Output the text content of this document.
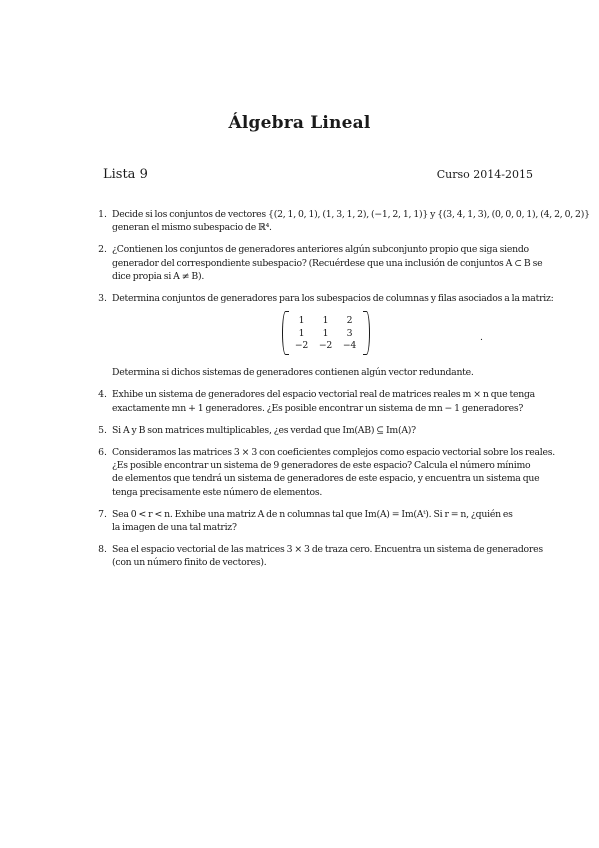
Álgebra Lineal
Lista 9	Curso 2014-2015
1. Decide si los conjuntos de vectores {(2, 1, 0, 1), (1, 3, 1, 2), (−1, 2, 1, 1)} y {(3, 4, 1, 3), (0, 0, 0, 1), (4, 2, 0, 2)}
generan el mismo subespacio de ℝ⁴.
2. ¿Contienen los conjuntos de generadores anteriores algún subconjunto propio que siga siendo
generador del correspondiente subespacio? (Recuérdese que una inclusión de conjuntos A ⊂ B se
dice propia si A ≠ B).
3. Determina conjuntos de generadores para los subespacios de columnas y filas asociados a la matriz:
1 1 2
1 1 3
−2 −2 −4
.
Determina si dichos sistemas de generadores contienen algún vector redundante.
4. Exhibe un sistema de generadores del espacio vectorial real de matrices reales m × n que tenga
exactamente mn + 1 generadores. ¿Es posible encontrar un sistema de mn − 1 generadores?
5. Si A y B son matrices multiplicables, ¿es verdad que Im(AB) ⊆ Im(A)?
6. Consideramos las matrices 3 × 3 con coeficientes complejos como espacio vectorial sobre los reales.
¿Es posible encontrar un sistema de 9 generadores de este espacio? Calcula el número mínimo
de elementos que tendrá un sistema de generadores de este espacio, y encuentra un sistema que
tenga precisamente este número de elementos.
7. Sea 0 < r < n. Exhibe una matriz A de n columnas tal que Im(A) = Im(Aᵗ). Si r = n, ¿quién es
la imagen de una tal matriz?
8. Sea el espacio vectorial de las matrices 3 × 3 de traza cero. Encuentra un sistema de generadores
(con un número finito de vectores).
